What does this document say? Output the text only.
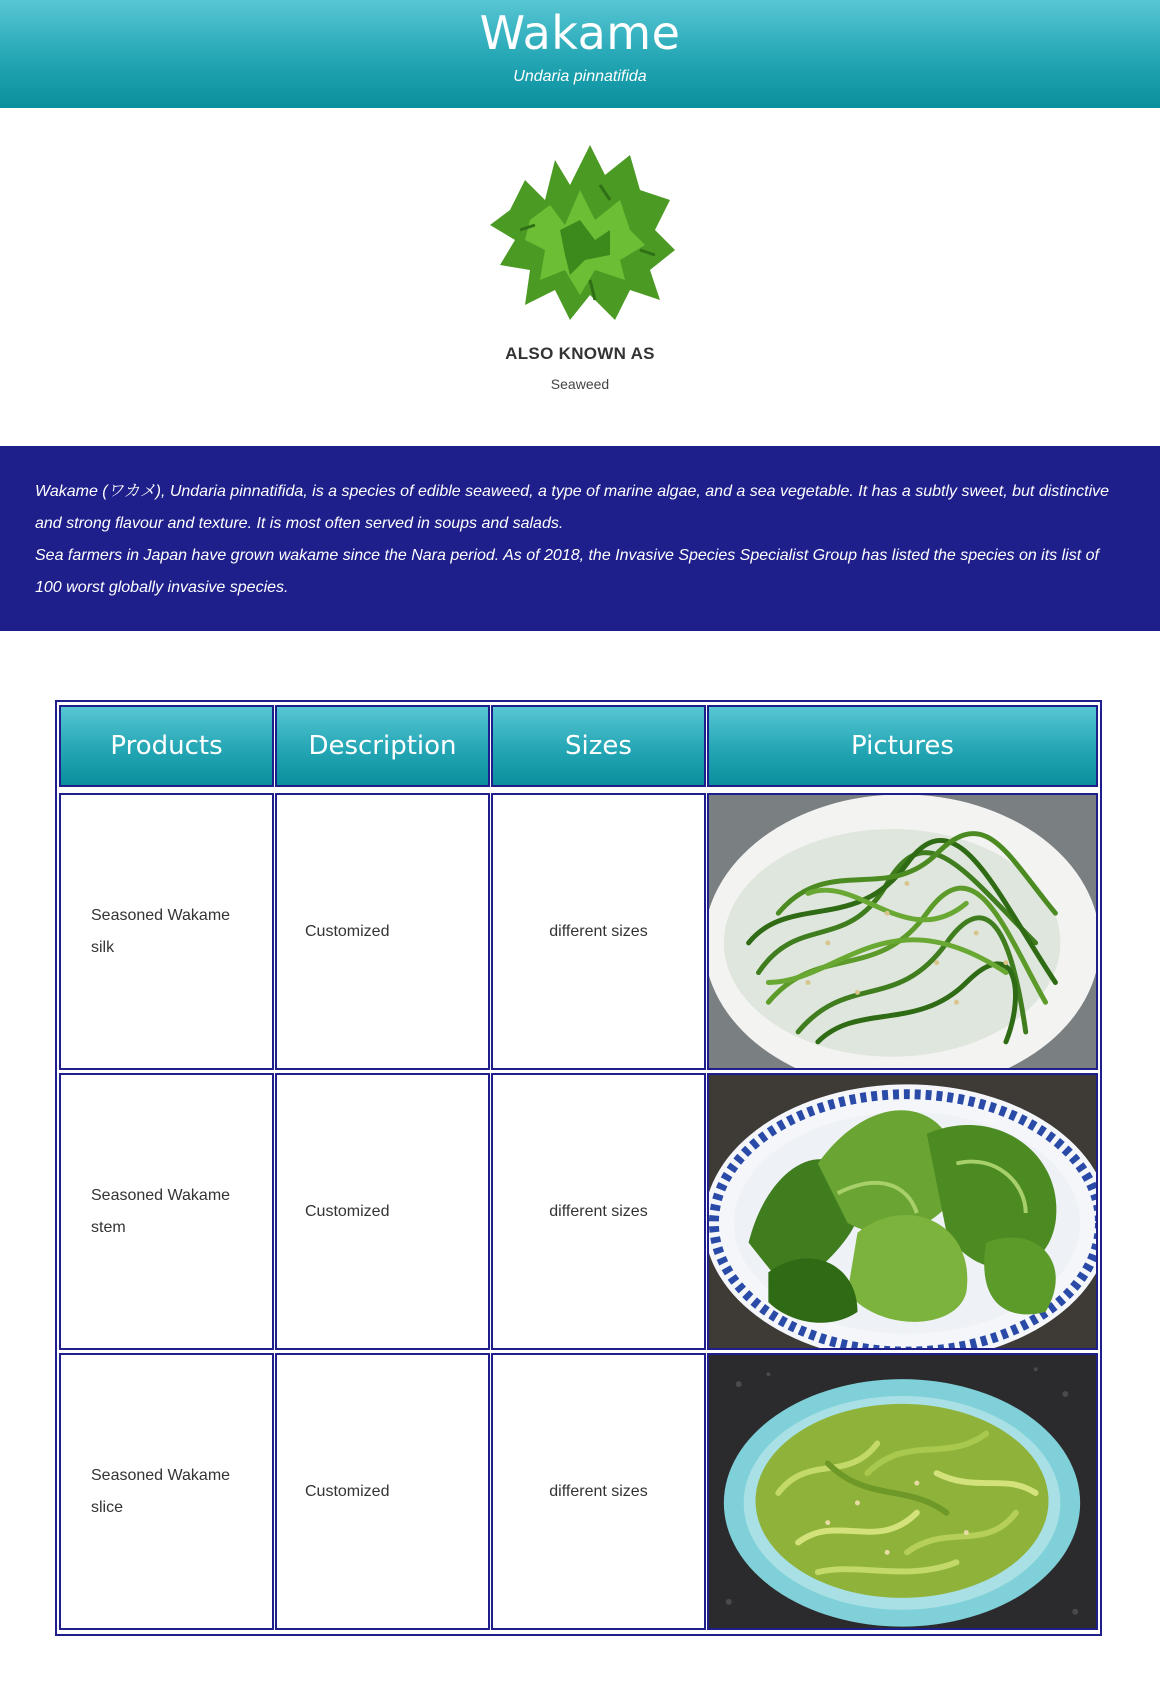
Wakame
Undaria pinnatifida
ALSO KNOWN AS
Seaweed

Wakame (ワカメ), Undaria pinnatifida, is a species of edible seaweed, a type of marine algae, and a sea vegetable. It has a subtly sweet, but distinctive and strong flavour and texture. It is most often served in soups and salads.

Sea farmers in Japan have grown wakame since the Nara period. As of 2018, the Invasive Species Specialist Group has listed the species on its list of 100 worst globally invasive species.

Products	Description	Sizes	Pictures
Seasoned Wakame
silk
Customized	different sizes
Seasoned Wakame
stem
Customized	different sizes
Seasoned Wakame
slice
Customized	different sizes
